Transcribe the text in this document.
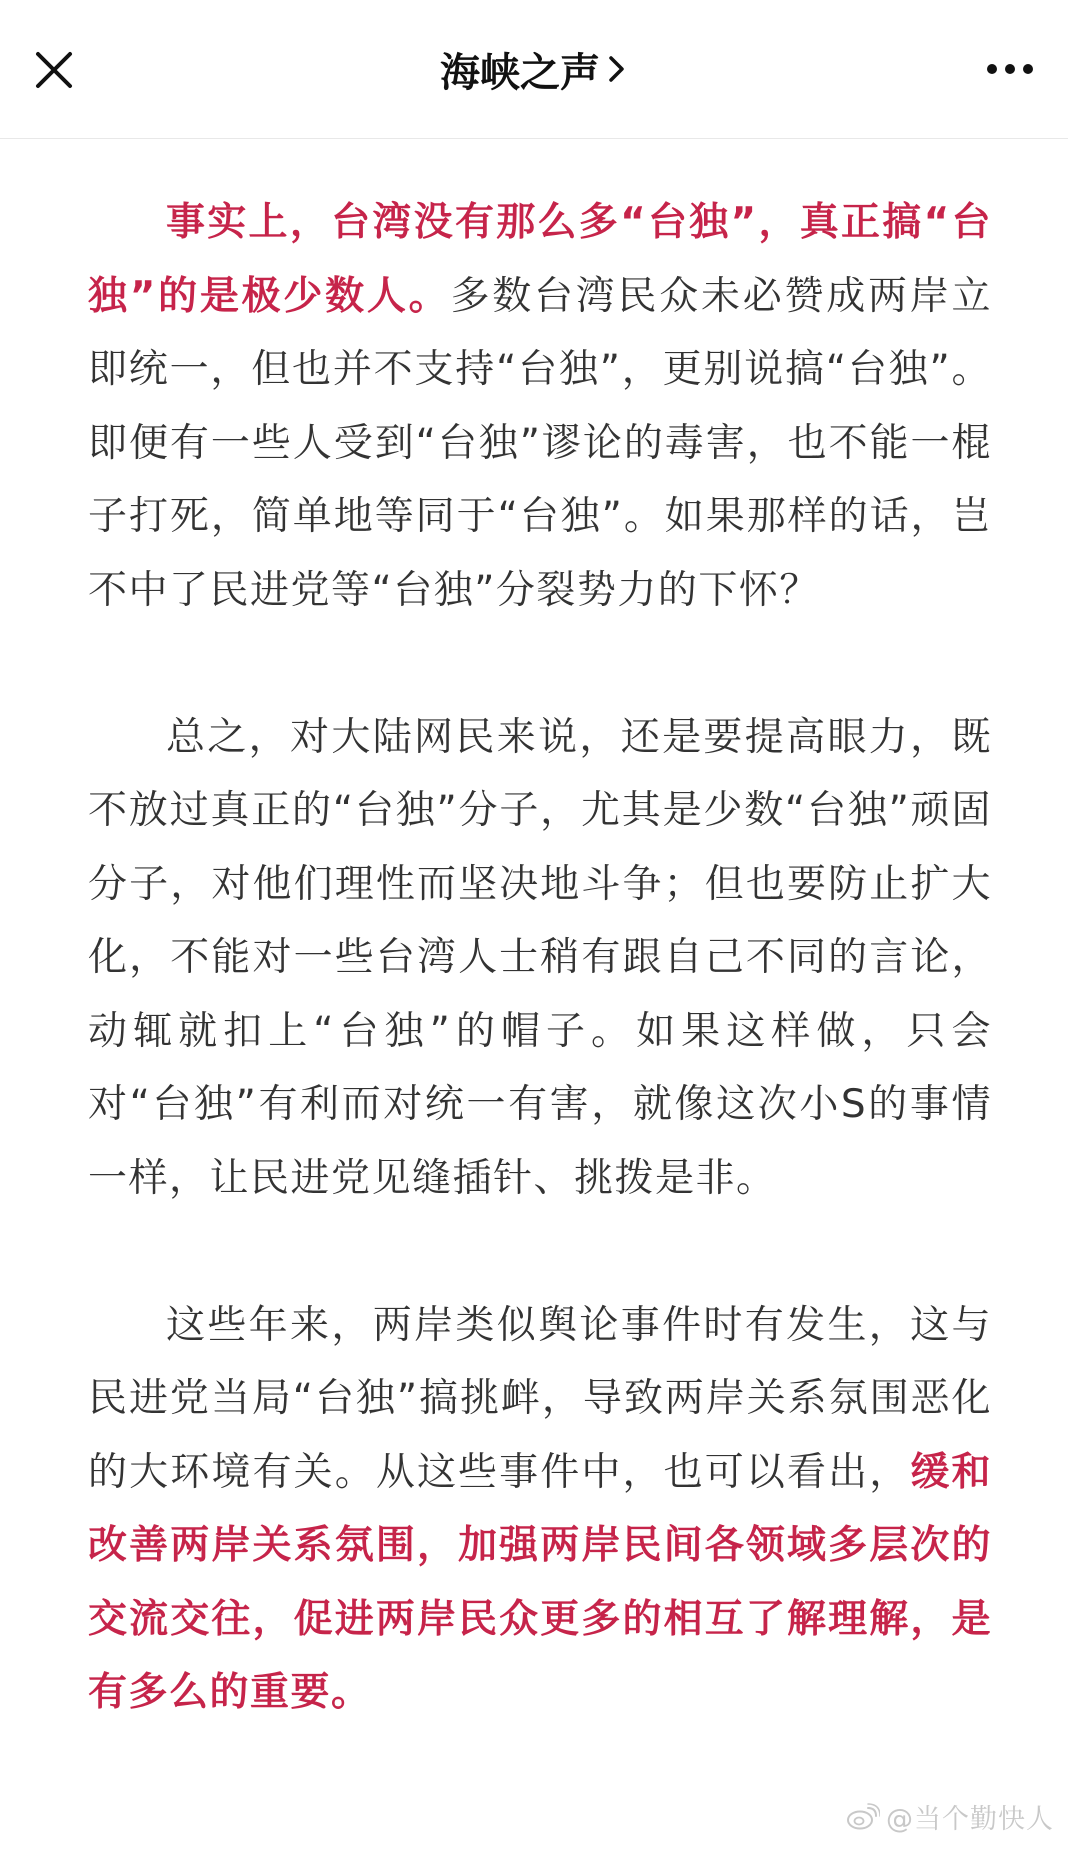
海峡之声

事实上，台湾没有那么多“台独”，真正搞“台独”的是极少数人。多数台湾民众未必赞成两岸立即统一，但也并不支持“台独”，更别说搞“台独”。即便有一些人受到“台独”谬论的毒害，也不能一棍子打死，简单地等同于“台独”。如果那样的话，岂不中了民进党等“台独”分裂势力的下怀？

总之，对大陆网民来说，还是要提高眼力，既不放过真正的“台独”分子，尤其是少数“台独”顽固分子，对他们理性而坚决地斗争；但也要防止扩大化，不能对一些台湾人士稍有跟自己不同的言论，动辄就扣上“台独”的帽子。如果这样做，只会对“台独”有利而对统一有害，就像这次小S的事情一样，让民进党见缝插针、挑拨是非。

这些年来，两岸类似舆论事件时有发生，这与民进党当局“台独”搞挑衅，导致两岸关系氛围恶化的大环境有关。从这些事件中，也可以看出，缓和改善两岸关系氛围，加强两岸民间各领域多层次的交流交往，促进两岸民众更多的相互了解理解，是有多么的重要。

@当个勤快人
